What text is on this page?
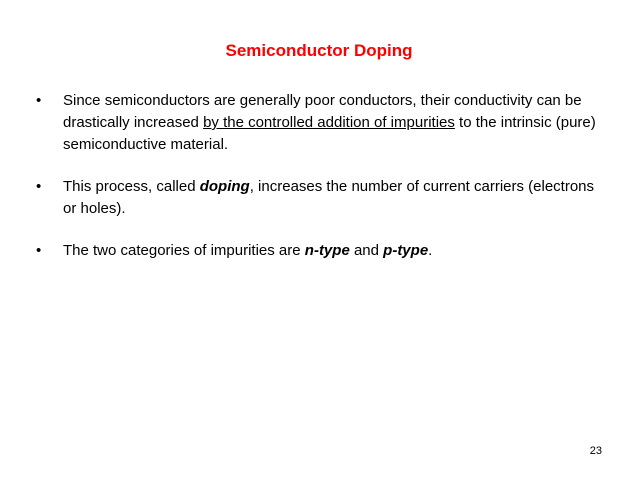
Semiconductor Doping
•	Since semiconductors are generally poor conductors, their conductivity can be drastically increased by the controlled addition of impurities to the intrinsic (pure) semiconductive material.
•	This process, called doping, increases the number of current carriers (electrons or holes).
•	The two categories of impurities are n-type and p-type.
23
